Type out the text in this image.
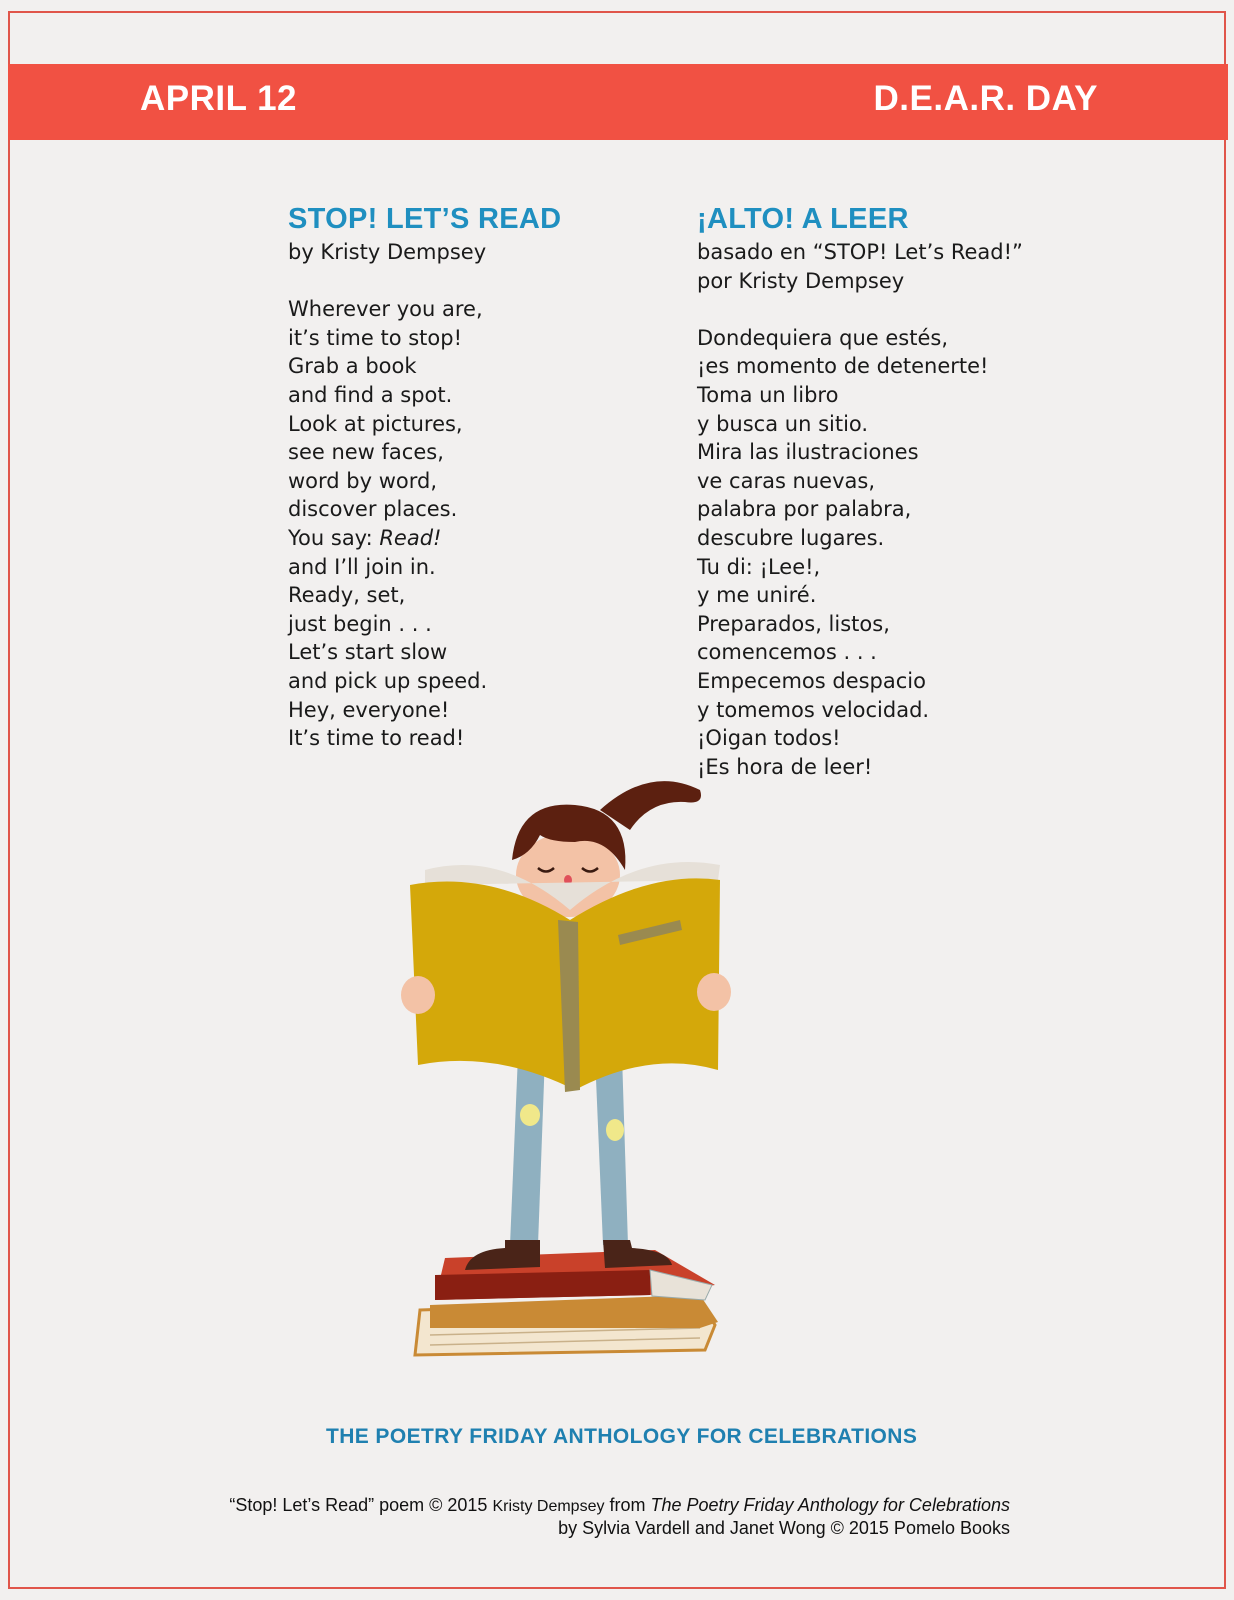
APRIL 12	D.E.A.R. DAY
STOP! LET’S READ
by Kristy Dempsey
Wherever you are,
it’s time to stop!
Grab a book
and find a spot.
Look at pictures,
see new faces,
word by word,
discover places.
You say: Read!
and I’ll join in.
Ready, set,
just begin . . .
Let’s start slow
and pick up speed.
Hey, everyone!
It’s time to read!
¡ALTO! A LEER
basado en “STOP! Let’s Read!”
por Kristy Dempsey
Dondequiera que estés,
¡es momento de detenerte!
Toma un libro
y busca un sitio.
Mira las ilustraciones
ve caras nuevas,
palabra por palabra,
descubre lugares.
Tu di: ¡Lee!,
y me uniré.
Preparados, listos,
comencemos . . .
Empecemos despacio
y tomemos velocidad.
¡Oigan todos!
¡Es hora de leer!
THE POETRY FRIDAY ANTHOLOGY FOR CELEBRATIONS
“Stop! Let’s Read” poem © 2015 Kristy Dempsey from The Poetry Friday Anthology for Celebrations
by Sylvia Vardell and Janet Wong © 2015 Pomelo Books
